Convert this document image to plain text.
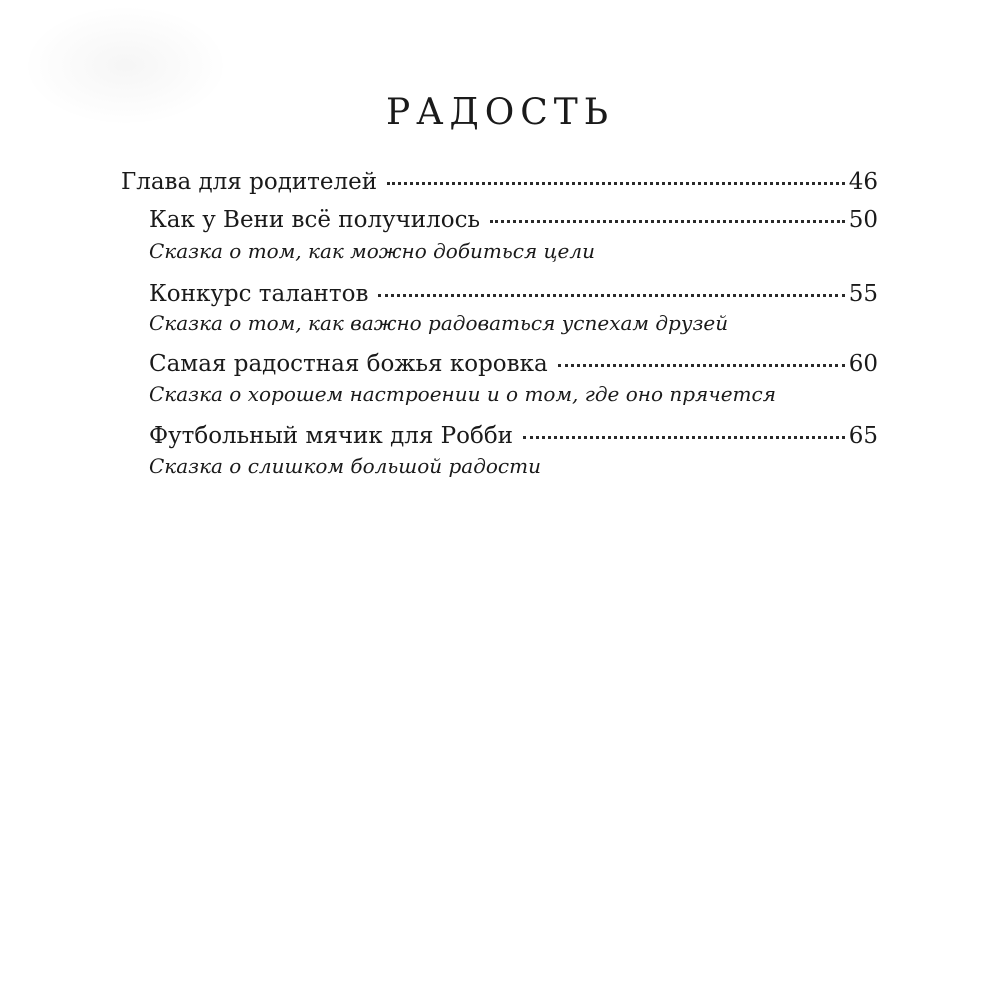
РАДОСТЬ
Глава для родителей	46
Как у Вени всё получилось	50
Сказка о том, как можно добиться цели
Конкурс талантов	55
Сказка о том, как важно радоваться успехам друзей
Самая радостная божья коровка	60
Сказка о хорошем настроении и о том, где оно прячется
Футбольный мячик для Робби	65
Сказка о слишком большой радости
